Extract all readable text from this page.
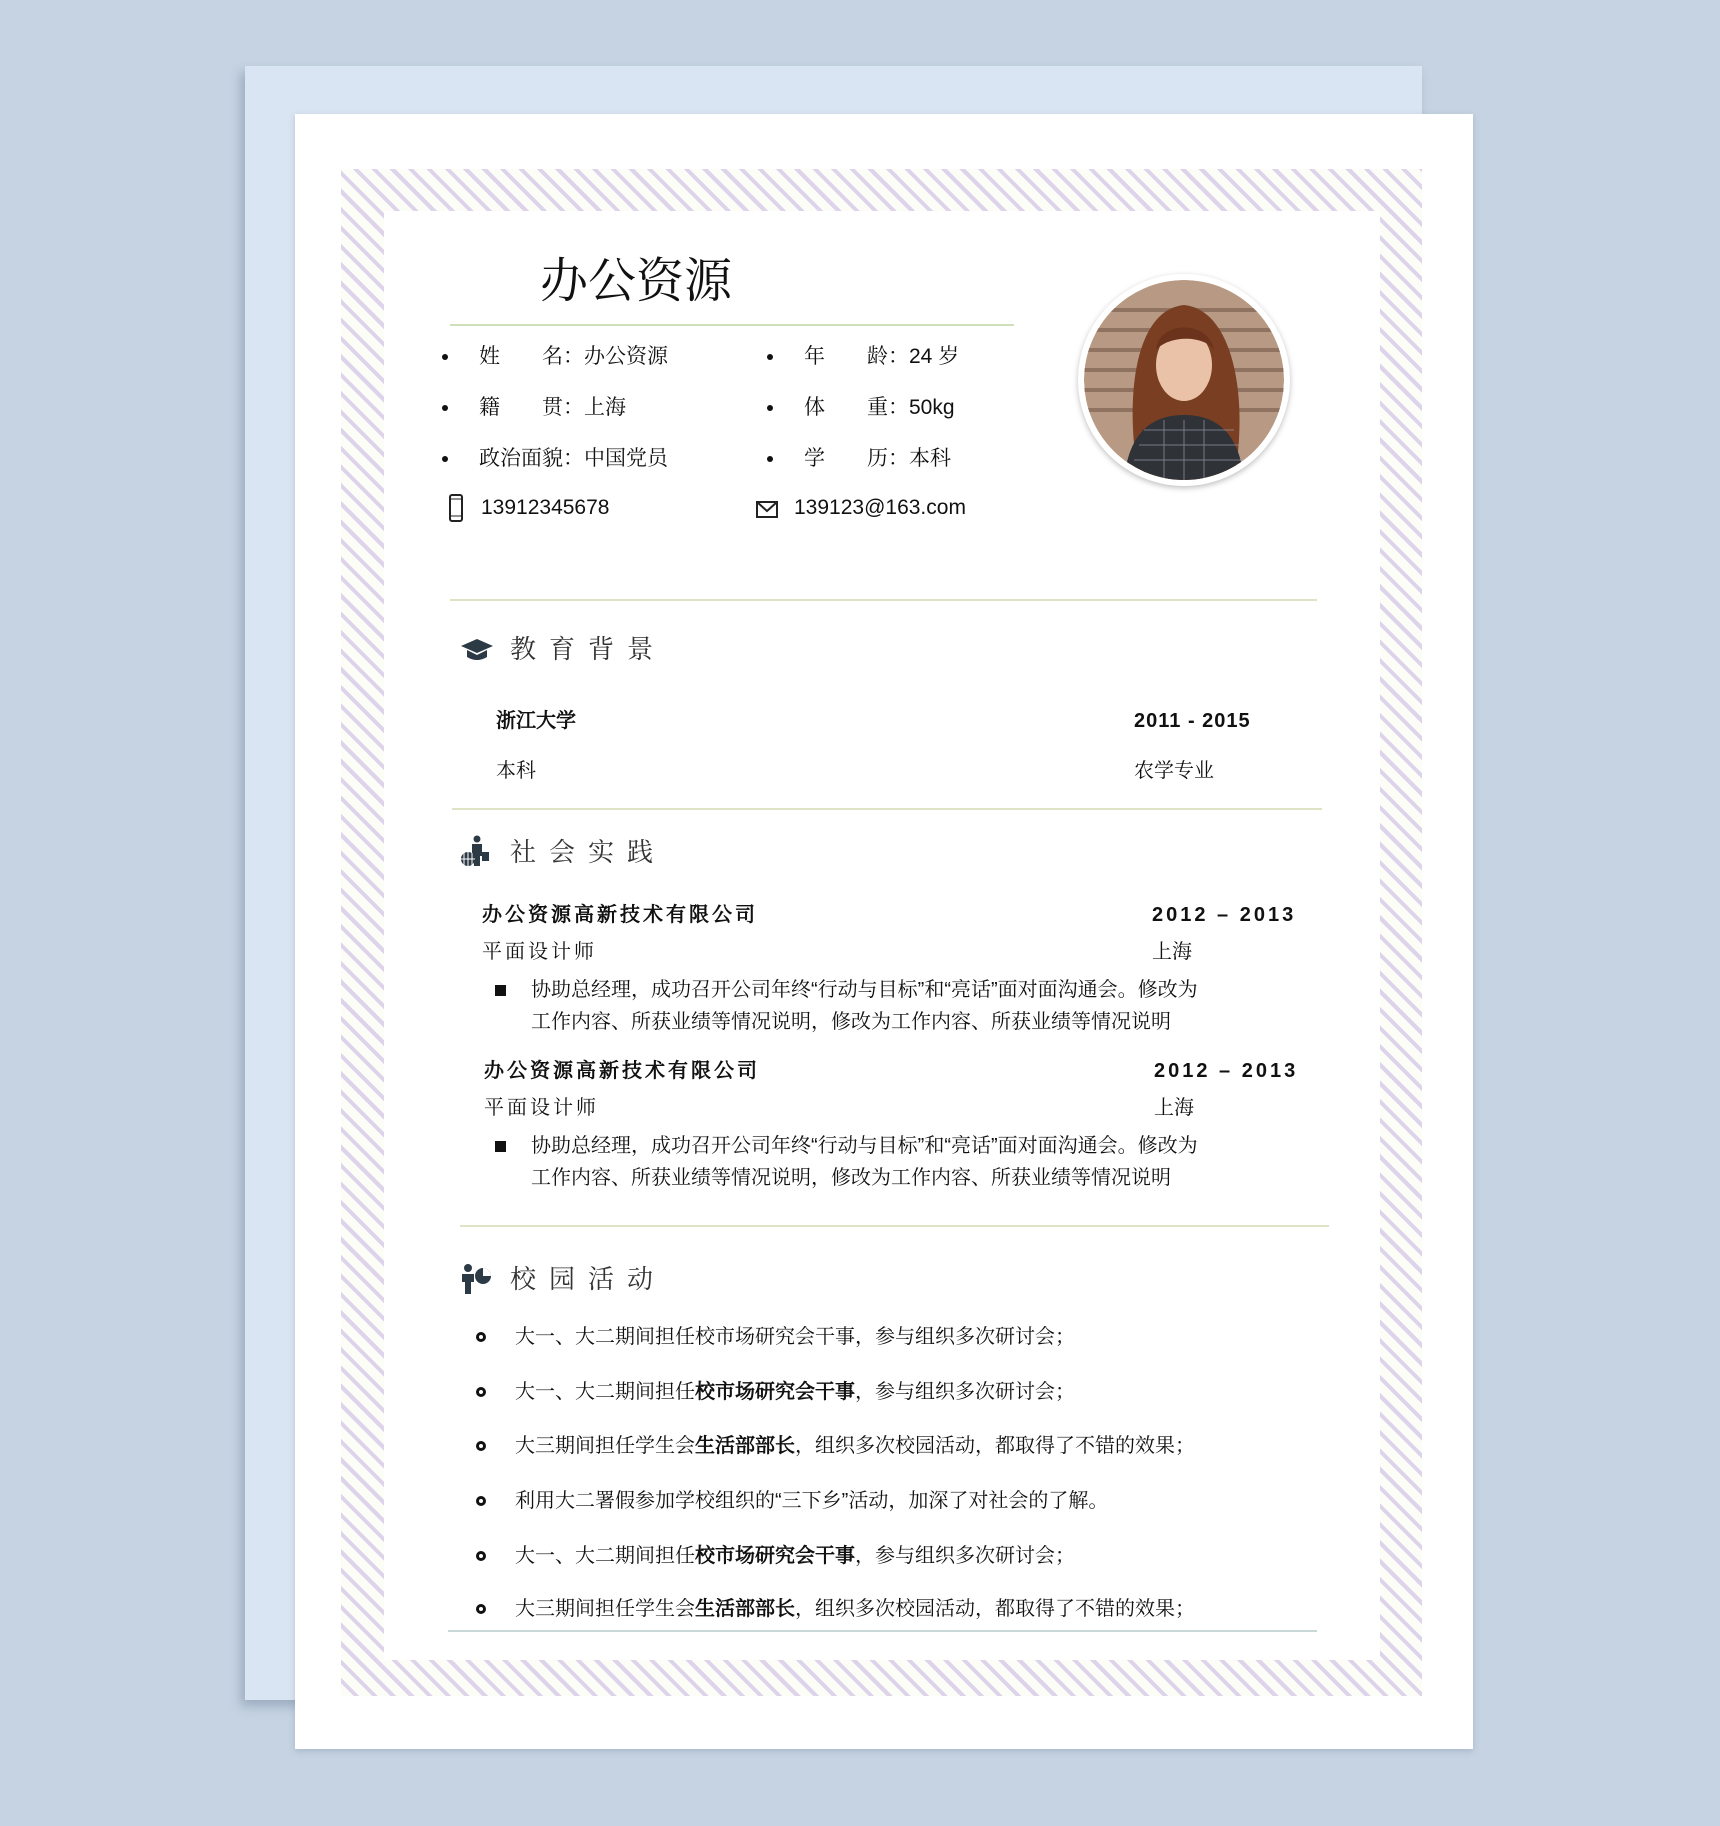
办公资源
姓　　名：办公资源	年　　龄：24 岁
籍　　贯：上海	体　　重：50kg
政治面貌：中国党员	学　　历：本科
13912345678	139123@163.com
教育背景
浙江大学	2011 - 2015
本科	农学专业
社会实践
办公资源高新技术有限公司	2012 – 2013
平面设计师	上海
协助总经理，成功召开公司年终“行动与目标”和“亮话”面对面沟通会。修改为
工作内容、所获业绩等情况说明，修改为工作内容、所获业绩等情况说明
办公资源高新技术有限公司	2012 – 2013
平面设计师	上海
协助总经理，成功召开公司年终“行动与目标”和“亮话”面对面沟通会。修改为
工作内容、所获业绩等情况说明，修改为工作内容、所获业绩等情况说明
校园活动
大一、大二期间担任校市场研究会干事，参与组织多次研讨会；
大一、大二期间担任校市场研究会干事，参与组织多次研讨会；
大三期间担任学生会生活部部长，组织多次校园活动，都取得了不错的效果；
利用大二署假参加学校组织的“三下乡”活动，加深了对社会的了解。
大一、大二期间担任校市场研究会干事，参与组织多次研讨会；
大三期间担任学生会生活部部长，组织多次校园活动，都取得了不错的效果；
